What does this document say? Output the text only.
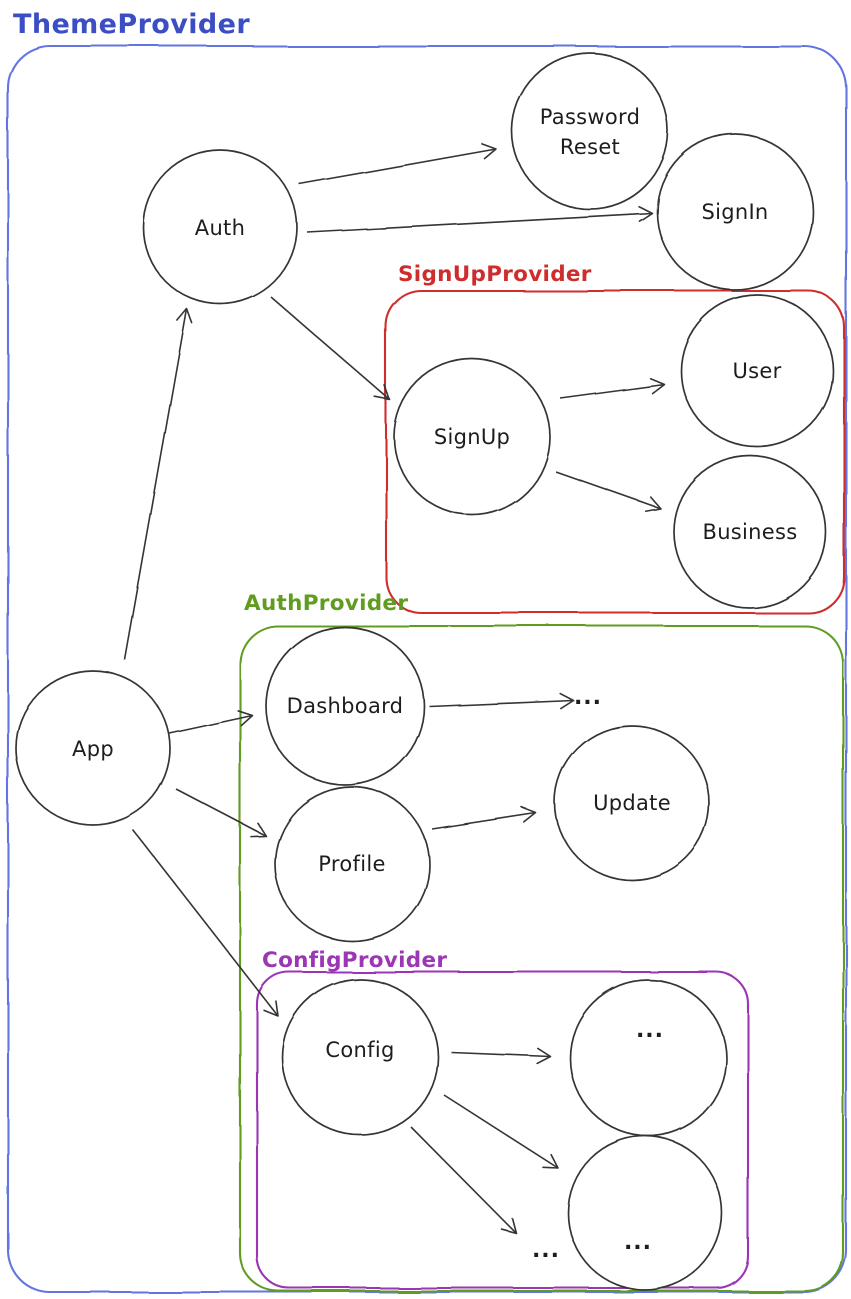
ThemeProvider
SignUpProvider
AuthProvider
ConfigProvider
Auth
Password
Reset
SignIn
SignUp
User
Business
App
Dashboard
Profile
Update
Config
...
...
...
...
